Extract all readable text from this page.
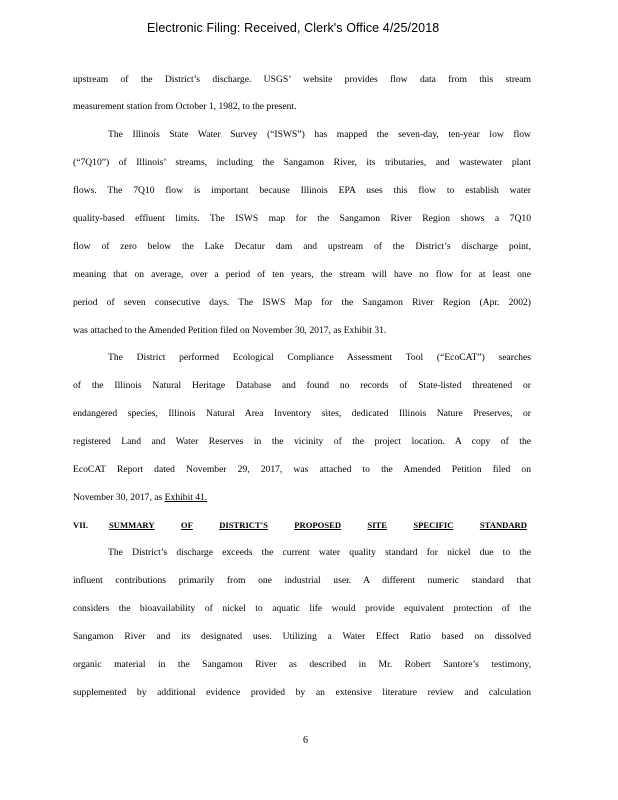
Electronic Filing: Received, Clerk's Office 4/25/2018
upstream of the District’s discharge. USGS’ website provides flow data from this stream
measurement station from October 1, 1982, to the present.
The Illinois State Water Survey (“ISWS”) has mapped the seven-day, ten-year low flow
(“7Q10”) of Illinois’ streams, including the Sangamon River, its tributaries, and wastewater plant
flows. The 7Q10 flow is important because Illinois EPA uses this flow to establish water
quality-based effluent limits. The ISWS map for the Sangamon River Region shows a 7Q10
flow of zero below the Lake Decatur dam and upstream of the District’s discharge point,
meaning that on average, over a period of ten years, the stream will have no flow for at least one
period of seven consecutive days. The ISWS Map for the Sangamon River Region (Apr. 2002)
was attached to the Amended Petition filed on November 30, 2017, as Exhibit 31.
The District performed Ecological Compliance Assessment Tool (“EcoCAT”) searches
of the Illinois Natural Heritage Database and found no records of State-listed threatened or
endangered species, Illinois Natural Area Inventory sites, dedicated Illinois Nature Preserves, or
registered Land and Water Reserves in the vicinity of the project location. A copy of the
EcoCAT Report dated November 29, 2017, was attached to the Amended Petition filed on
November 30, 2017, as Exhibit 41.
VII. SUMMARY	OF	DISTRICT'S	PROPOSED	SITE	SPECIFIC	STANDARD
The District’s discharge exceeds the current water quality standard for nickel due to the
influent contributions primarily from one industrial user. A different numeric standard that
considers the bioavailability of nickel to aquatic life would provide equivalent protection of the
Sangamon River and its designated uses. Utilizing a Water Effect Ratio based on dissolved
organic material in the Sangamon River as described in Mr. Robert Santore’s testimony,
supplemented by additional evidence provided by an extensive literature review and calculation
6
